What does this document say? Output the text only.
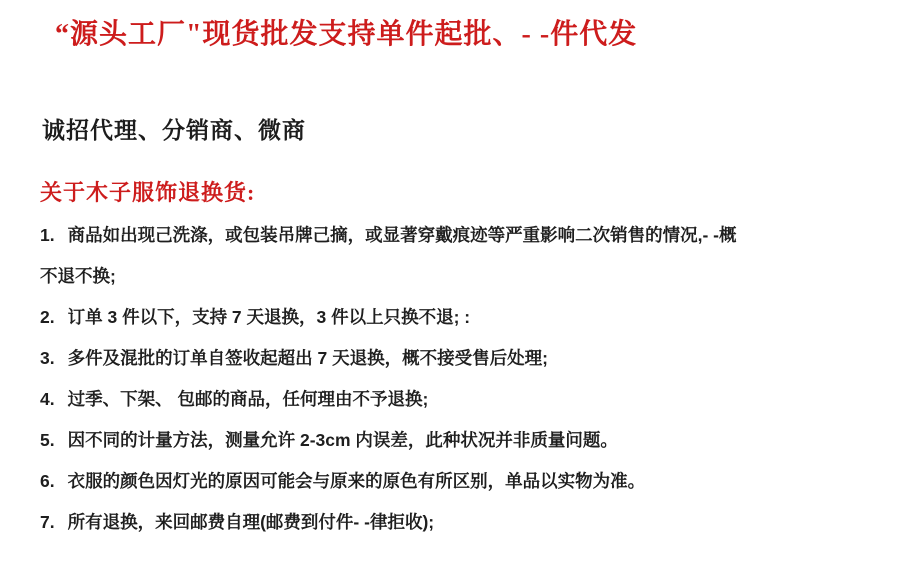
“源头工厂"现货批发支持单件起批、- -件代发
诚招代理、分销商、微商
关于木子服饰退换货:
1. 商品如出现己洗涤，或包装吊牌己摘，或显著穿戴痕迹等严重影响二次销售的情况,- -概
不退不换;
2. 订单 3 件以下，支持 7 天退换，3 件以上只换不退; :
3. 多件及混批的订单自签收起超出 7 天退换，概不接受售后处理;
4. 过季、下架、 包邮的商品，任何理由不予退换;
5. 因不同的计量方法，测量允许 2-3cm 内误差，此种状况并非质量问题。
6. 衣服的颜色因灯光的原因可能会与原来的原色有所区别，单品以实物为准。
7. 所有退换，来回邮费自理(邮费到付件- -律拒收);
